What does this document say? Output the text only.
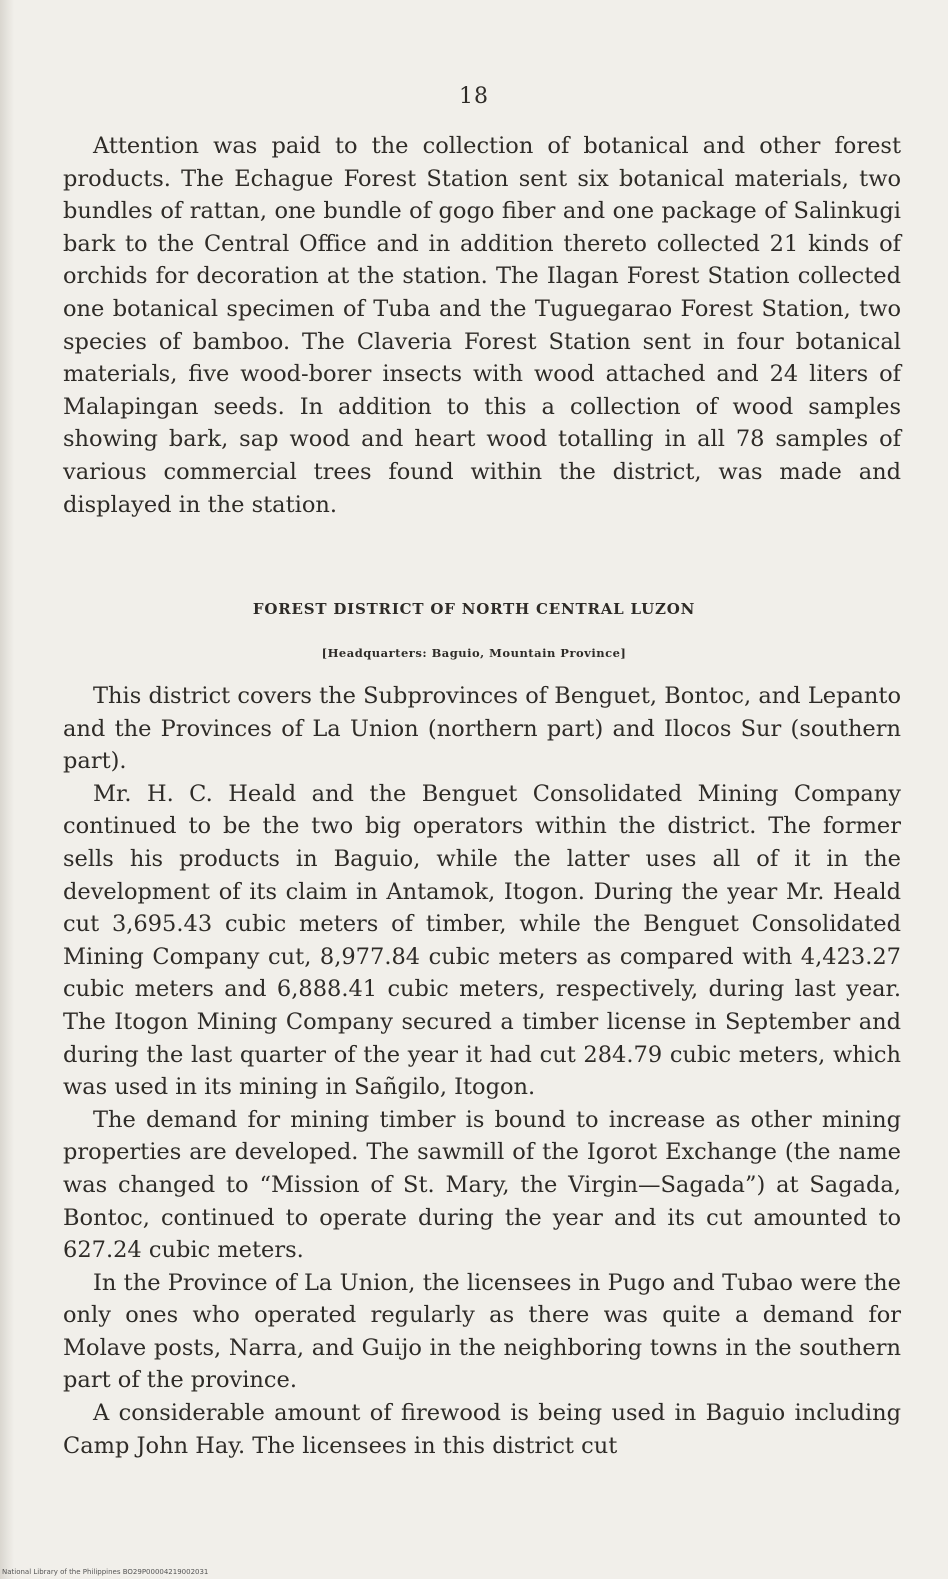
18

Attention was paid to the collection of botanical and other forest products. The Echague Forest Station sent six botanical materials, two bundles of rattan, one bundle of gogo fiber and one package of Salinkugi bark to the Central Office and in addition thereto collected 21 kinds of orchids for decoration at the station. The Ilagan Forest Station collected one botanical specimen of Tuba and the Tuguegarao Forest Station, two species of bamboo. The Claveria Forest Station sent in four botanical materials, five wood-borer insects with wood attached and 24 liters of Malapingan seeds. In addition to this a collection of wood samples showing bark, sap wood and heart wood totalling in all 78 samples of various commercial trees found within the district, was made and displayed in the station.

FOREST DISTRICT OF NORTH CENTRAL LUZON
[Headquarters: Baguio, Mountain Province]

This district covers the Subprovinces of Benguet, Bontoc, and Lepanto and the Provinces of La Union (northern part) and Ilocos Sur (southern part).

Mr. H. C. Heald and the Benguet Consolidated Mining Company continued to be the two big operators within the district. The former sells his products in Baguio, while the latter uses all of it in the development of its claim in Antamok, Itogon. During the year Mr. Heald cut 3,695.43 cubic meters of timber, while the Benguet Consolidated Mining Company cut, 8,977.84 cubic meters as compared with 4,423.27 cubic meters and 6,888.41 cubic meters, respectively, during last year. The Itogon Mining Company secured a timber license in September and during the last quarter of the year it had cut 284.79 cubic meters, which was used in its mining in Sañgilo, Itogon.

The demand for mining timber is bound to increase as other mining properties are developed. The sawmill of the Igorot Exchange (the name was changed to “Mission of St. Mary, the Virgin—Sagada”) at Sagada, Bontoc, continued to operate during the year and its cut amounted to 627.24 cubic meters.

In the Province of La Union, the licensees in Pugo and Tubao were the only ones who operated regularly as there was quite a demand for Molave posts, Narra, and Guijo in the neighboring towns in the southern part of the province.

A considerable amount of firewood is being used in Baguio including Camp John Hay. The licensees in this district cut

National Library of the Philippines BO29P00004219002031
